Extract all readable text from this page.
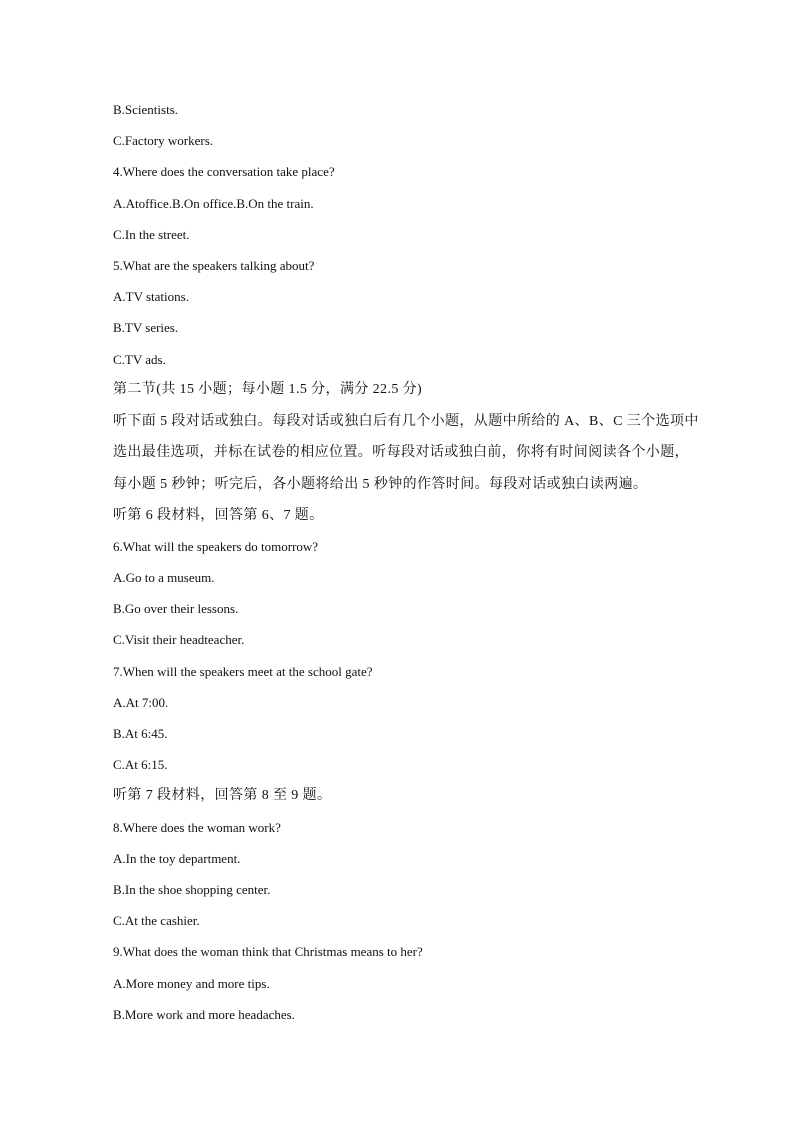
B.Scientists.
C.Factory workers.
4.Where does the conversation take place?
A.Atoffice.B.On office.B.On the train.
C.In the street.
5.What are the speakers talking about?
A.TV stations.
B.TV series.
C.TV ads.
第二节(共 15 小题；每小题 1.5 分，满分 22.5 分)
听下面 5 段对话或独白。每段对话或独白后有几个小题，从题中所给的 A、B、C 三个选项中
选出最佳选项，并标在试卷的相应位置。听每段对话或独白前，你将有时间阅读各个小题，
每小题 5 秒钟；听完后，各小题将给出 5 秒钟的作答时间。每段对话或独白读两遍。
听第 6 段材料，回答第 6、7 题。
6.What will the speakers do tomorrow?
A.Go to a museum.
B.Go over their lessons.
C.Visit their headteacher.
7.When will the speakers meet at the school gate?
A.At 7:00.
B.At 6:45.
C.At 6:15.
听第 7 段材料，回答第 8 至 9 题。
8.Where does the woman work?
A.In the toy department.
B.In the shoe shopping center.
C.At the cashier.
9.What does the woman think that Christmas means to her?
A.More money and more tips.
B.More work and more headaches.
